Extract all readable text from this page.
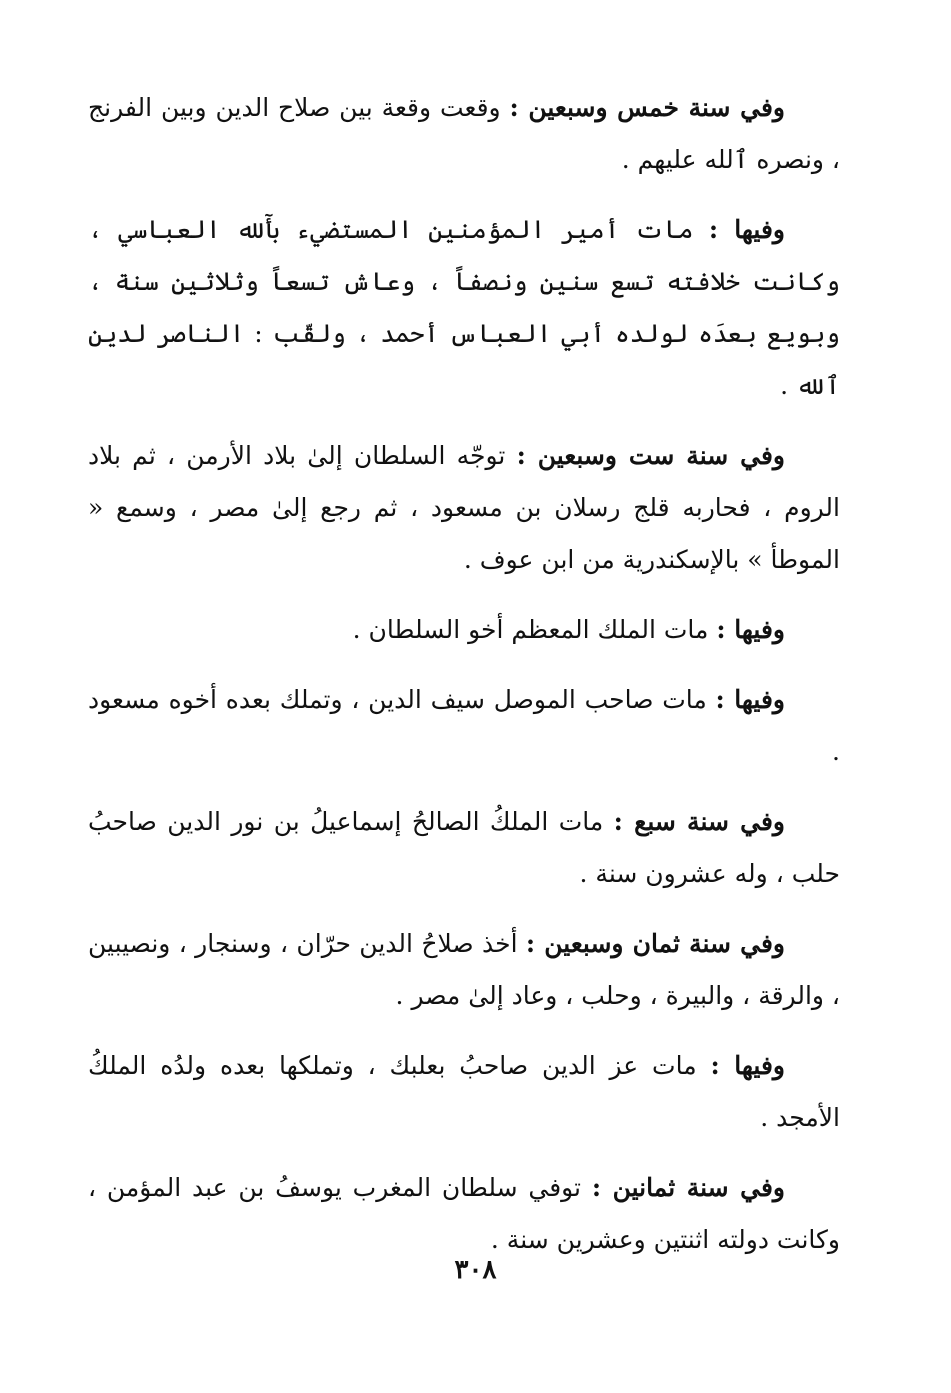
وفي سنة خمس وسبعين : وقعت وقعة بين صلاح الدين وبين الفرنج ، ونصره ٱلله عليهم .

وفيها : مات أمير المؤمنين المستضيء بأٓلله العباسي ، وكانت خلافته تسع سنين ونصفاً ، وعاش تسعاً وثلاثين سنة ، وبويع بعدَه لولده أبي العباس أحمد ، ولقّب : الناصر لدين ٱلله .

وفي سنة ست وسبعين : توجّه السلطان إلىٰ بلاد الأرمن ، ثم بلاد الروم ، فحاربه قلج رسلان بن مسعود ، ثم رجع إلىٰ مصر ، وسمع « الموطأ » بالإسكندرية من ابن عوف .

وفيها : مات الملك المعظم أخو السلطان .

وفيها : مات صاحب الموصل سيف الدين ، وتملك بعده أخوه مسعود .

وفي سنة سبع : مات الملكُ الصالحُ إسماعيلُ بن نور الدين صاحبُ حلب ، وله عشرون سنة .

وفي سنة ثمان وسبعين : أخذ صلاحُ الدين حرّان ، وسنجار ، ونصيبين ، والرقة ، والبيرة ، وحلب ، وعاد إلىٰ مصر .

وفيها : مات عز الدين صاحبُ بعلبك ، وتملكها بعده ولدُه الملكُ الأمجد .

وفي سنة ثمانين : توفي سلطان المغرب يوسفُ بن عبد المؤمن ، وكانت دولته اثنتين وعشرين سنة .

٣٠٨
